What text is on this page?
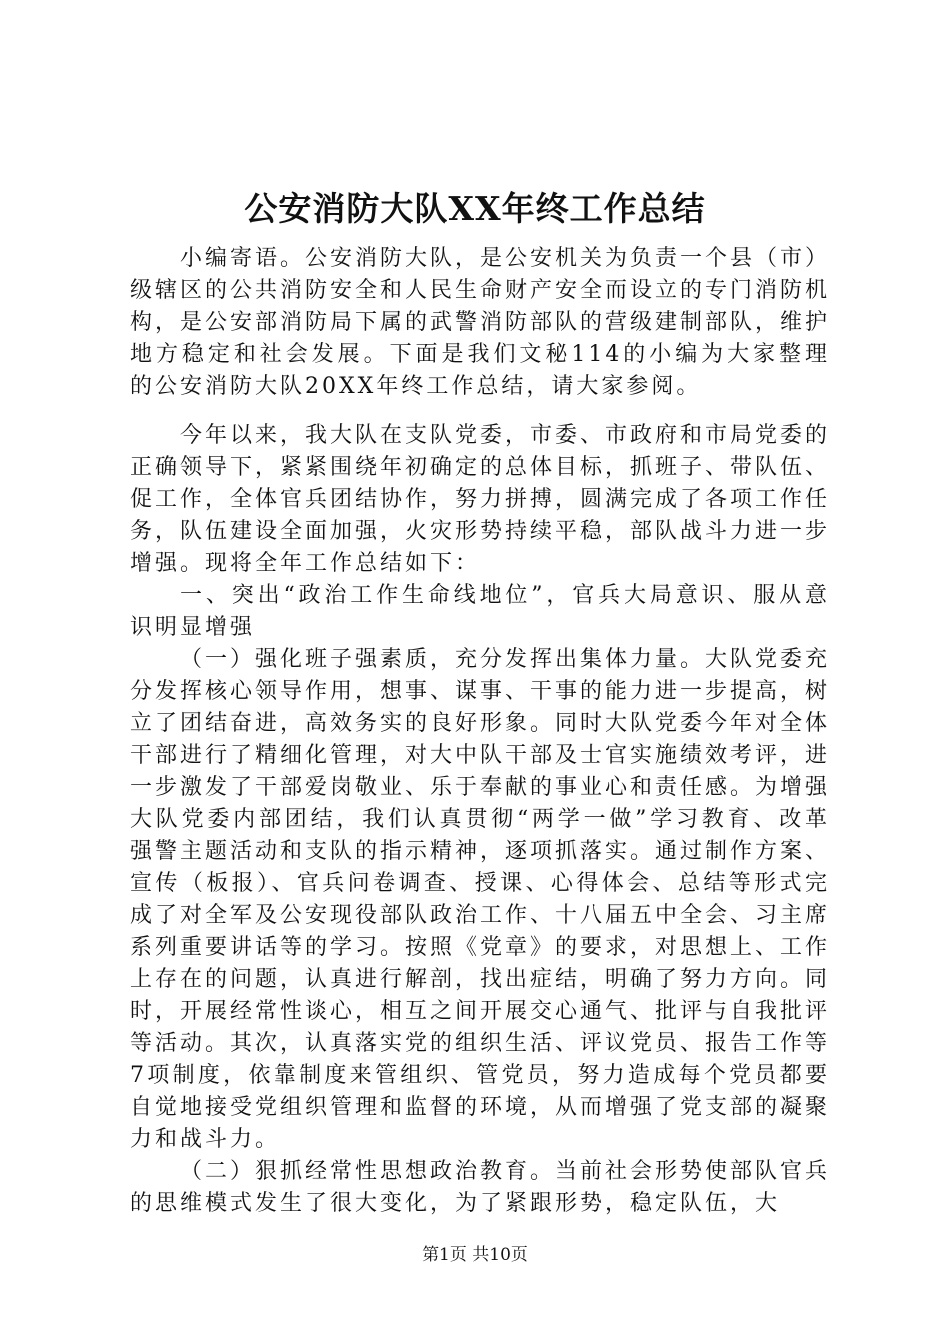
公安消防大队XX年终工作总结

小编寄语。公安消防大队，是公安机关为负责一个县（市）级辖区的公共消防安全和人民生命财产安全而设立的专门消防机构，是公安部消防局下属的武警消防部队的营级建制部队，维护地方稳定和社会发展。下面是我们文秘114的小编为大家整理的公安消防大队20XX年终工作总结，请大家参阅。

今年以来，我大队在支队党委，市委、市政府和市局党委的正确领导下，紧紧围绕年初确定的总体目标，抓班子、带队伍、促工作，全体官兵团结协作，努力拼搏，圆满完成了各项工作任务，队伍建设全面加强，火灾形势持续平稳，部队战斗力进一步增强。现将全年工作总结如下：

一、突出“政治工作生命线地位”，官兵大局意识、服从意识明显增强

（一）强化班子强素质，充分发挥出集体力量。大队党委充分发挥核心领导作用，想事、谋事、干事的能力进一步提高，树立了团结奋进，高效务实的良好形象。同时大队党委今年对全体干部进行了精细化管理，对大中队干部及士官实施绩效考评，进一步激发了干部爱岗敬业、乐于奉献的事业心和责任感。为增强大队党委内部团结，我们认真贯彻“两学一做”学习教育、改革强警主题活动和支队的指示精神，逐项抓落实。通过制作方案、宣传（板报）、官兵问卷调查、授课、心得体会、总结等形式完成了对全军及公安现役部队政治工作、十八届五中全会、习主席系列重要讲话等的学习。按照《党章》的要求，对思想上、工作上存在的问题，认真进行解剖，找出症结，明确了努力方向。同时，开展经常性谈心，相互之间开展交心通气、批评与自我批评等活动。其次，认真落实党的组织生活、评议党员、报告工作等7项制度，依靠制度来管组织、管党员，努力造成每个党员都要自觉地接受党组织管理和监督的环境，从而增强了党支部的凝聚力和战斗力。

（二）狠抓经常性思想政治教育。当前社会形势使部队官兵的思维模式发生了很大变化，为了紧跟形势，稳定队伍，大

第1页 共10页
